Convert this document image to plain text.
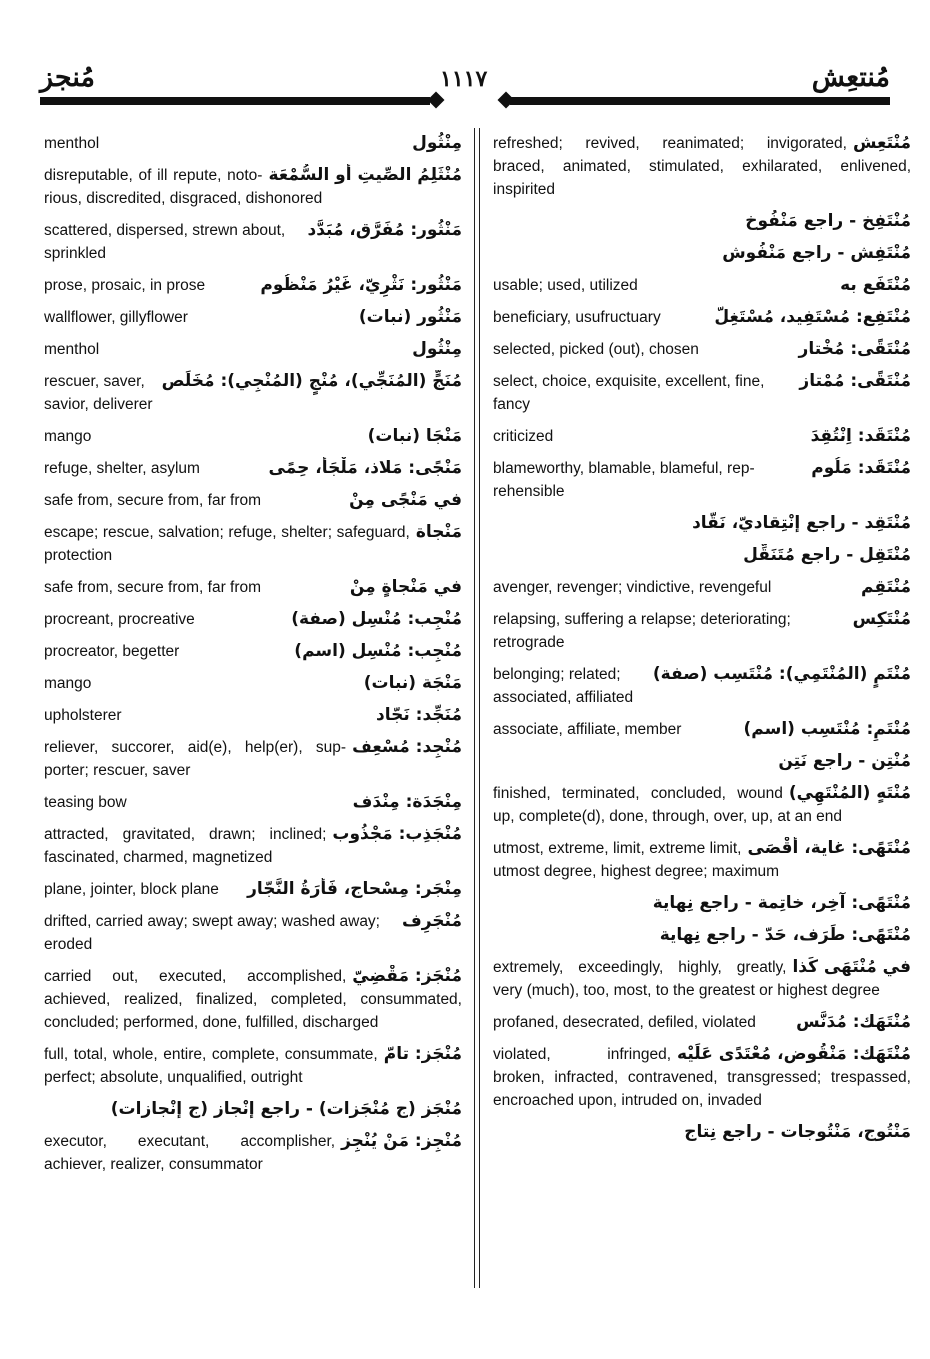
مُنجز	١١١٧	مُنتعِش
مِنْثُول
menthol
مُنْثَلِمُ الصِّيتِ أَو السُّمْعَة
disreputable, of ill repute, notorious, discredited, disgraced, dishonored
مَنْثُور: مُفَرَّق، مُبَدَّد
scattered, dispersed, strewn about, sprinkled
مَنْثُور: نَثْرِيّ، غَيْرُ مَنْظُوم
prose, prosaic, in prose
مَنْثُور (نبات)
wallflower, gillyflower
مِنْثُول
menthol
مُنَجٍّ (المُنَجِّي)، مُنْجٍ (المُنْجِي): مُخَلِّص
rescuer, saver, savior, deliverer
مَنْجَا (نبات)
mango
مَنْجًى: مَلاذ، مَلْجَأ، حِمًى
refuge, shelter, asylum
في مَنْجًى مِنْ
safe from, secure from, far from
مَنْجاة
escape; rescue, salvation; refuge, shelter; safeguard, protection
في مَنْجاةٍ مِنْ
safe from, secure from, far from
مُنْجِب: مُنْسِل (صفة)
procreant, procreative
مُنْجِب: مُنْسِل (اسم)
procreator, begetter
مَنْجَة (نبات)
mango
مُنَجِّد: نَجّاد
upholsterer
مُنْجِد: مُسْعِف
reliever, succorer, aid(e), help(er), supporter; rescuer, saver
مِنْجَدَة: مِنْدَف
teasing bow
مُنْجَذِب: مَجْذُوب
attracted, gravitated, drawn; inclined; fascinated, charmed, magnetized
مِنْجَر: مِسْحاج، فَأْرَةُ النَّجّار
plane, jointer, block plane
مُنْجَرِف
drifted, carried away; swept away; washed away; eroded
مُنْجَز: مَقْضِيّ
carried out, executed, accomplished, achieved, realized, finalized, completed, consummated, concluded; performed, done, fulfilled, discharged
مُنْجَز: تامّ
full, total, whole, entire, complete, consummate, perfect; absolute, unqualified, outright
مُنْجَز (ج مُنْجَزات) - راجع إنْجاز (ج إنْجازات)
مُنْجِز: مَنْ يُنْجِز
executor, executant, accomplisher, achiever, realizer, consummator
مُنْتَعِش
refreshed; revived, reanimated; invigorated, braced, animated, stimulated, exhilarated, enlivened, inspirited
مُنْتَفِخ - راجع مَنْفُوخ
مُنْتَفِش - راجع مَنْفُوش
مُنْتَفَع به
usable; used, utilized
مُنْتَفِع: مُسْتَفِيد، مُسْتَغِلّ
beneficiary, usufructuary
مُنْتَقًى: مُخْتار
selected, picked (out), chosen
مُنْتَقًى: مُمْتاز
select, choice, exquisite, excellent, fine, fancy
مُنْتَقَد: اِنْتُقِدَ
criticized
مُنْتَقَد: مَلُوم
blameworthy, blamable, blameful, reprehensible
مُنْتَقِد - راجع إنْتِقاديّ، نَقّاد
مُنْتَقِل - راجع مُتَنَقِّل
مُنْتَقِم
avenger, revenger; vindictive, revengeful
مُنْتَكِس
relapsing, suffering a relapse; deteriorating; retrograde
مُنْتَمٍ (المُنْتَمِي): مُنْتَسِب (صفة)
belonging; related; associated, affiliated
مُنْتَمٍ: مُنْتَسِب (اسم)
associate, affiliate, member
مُنْتِن - راجع نَتِن
مُنْتَهٍ (المُنْتَهِي)
finished, terminated, concluded, wound up, complete(d), done, through, over, up, at an end
مُنْتَهًى: غاية، أقْصَى
utmost, extreme, limit, extreme limit, utmost degree, highest degree; maximum
مُنْتَهًى: آخِر، خاتِمة - راجع نِهاية
مُنْتَهًى: طَرَف، حَدّ - راجع نِهاية
في مُنْتَهَى كَذا
extremely, exceedingly, highly, greatly, very (much), too, most, to the greatest or highest degree
مُنْتَهَك: مُدَنَّس
profaned, desecrated, defiled, violated
مُنْتَهَك: مَنْقُوض، مُعْتَدًى عَلَيْه
violated, infringed, broken, infracted, contravened, transgressed; trespassed, encroached upon, intruded on, invaded
مَنْتُوج، مَنْتُوجات - راجع نِتاج
